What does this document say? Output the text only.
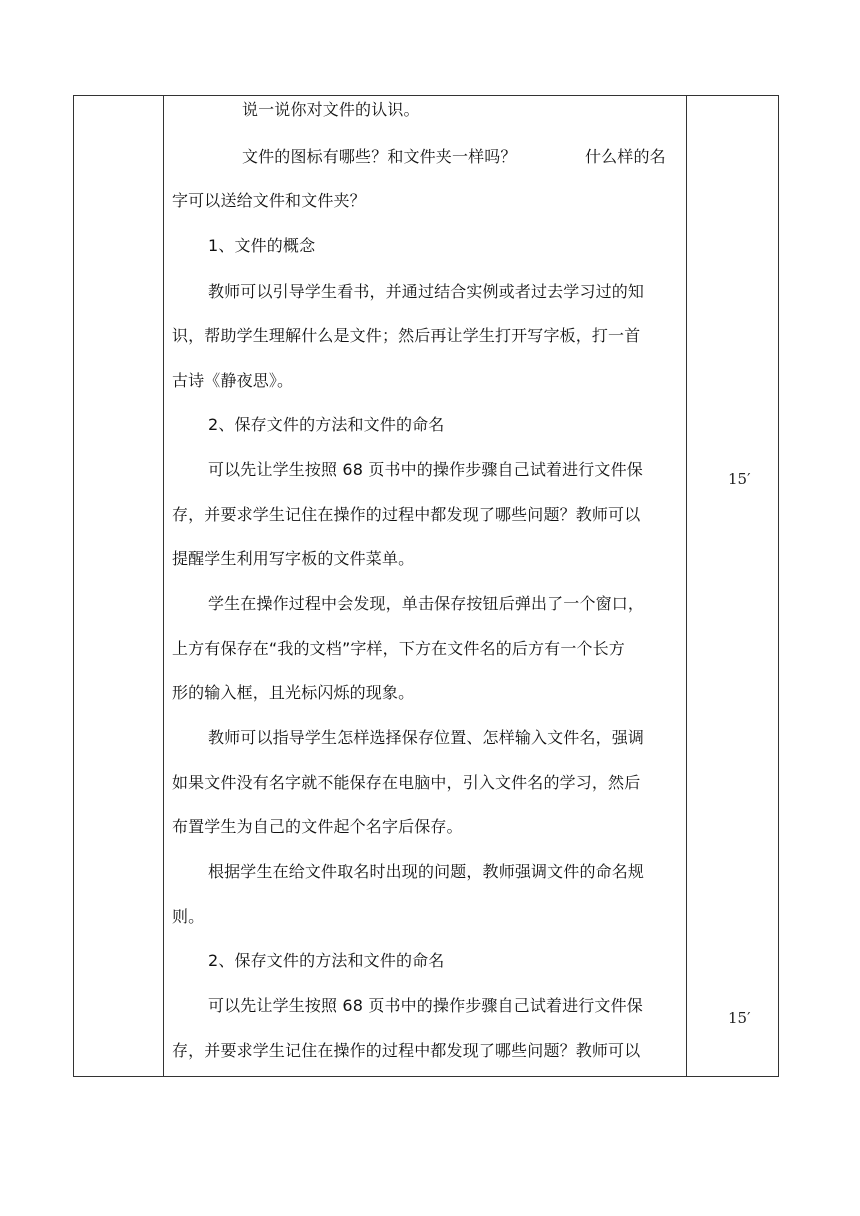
说一说你对文件的认识。
文件的图标有哪些？和文件夹一样吗？	什么样的名
字可以送给文件和文件夹？
1、文件的概念
教师可以引导学生看书，并通过结合实例或者过去学习过的知
识，帮助学生理解什么是文件；然后再让学生打开写字板，打一首
古诗《静夜思》。
2、保存文件的方法和文件的命名
可以先让学生按照 68 页书中的操作步骤自己试着进行文件保
存，并要求学生记住在操作的过程中都发现了哪些问题？教师可以
提醒学生利用写字板的文件菜单。
学生在操作过程中会发现，单击保存按钮后弹出了一个窗口，
上方有保存在“我的文档”字样，下方在文件名的后方有一个长方
形的输入框，且光标闪烁的现象。
教师可以指导学生怎样选择保存位置、怎样输入文件名，强调
如果文件没有名字就不能保存在电脑中，引入文件名的学习，然后
布置学生为自己的文件起个名字后保存。
根据学生在给文件取名时出现的问题，教师强调文件的命名规
则。
2、保存文件的方法和文件的命名
可以先让学生按照 68 页书中的操作步骤自己试着进行文件保
存，并要求学生记住在操作的过程中都发现了哪些问题？教师可以
15′
15′
